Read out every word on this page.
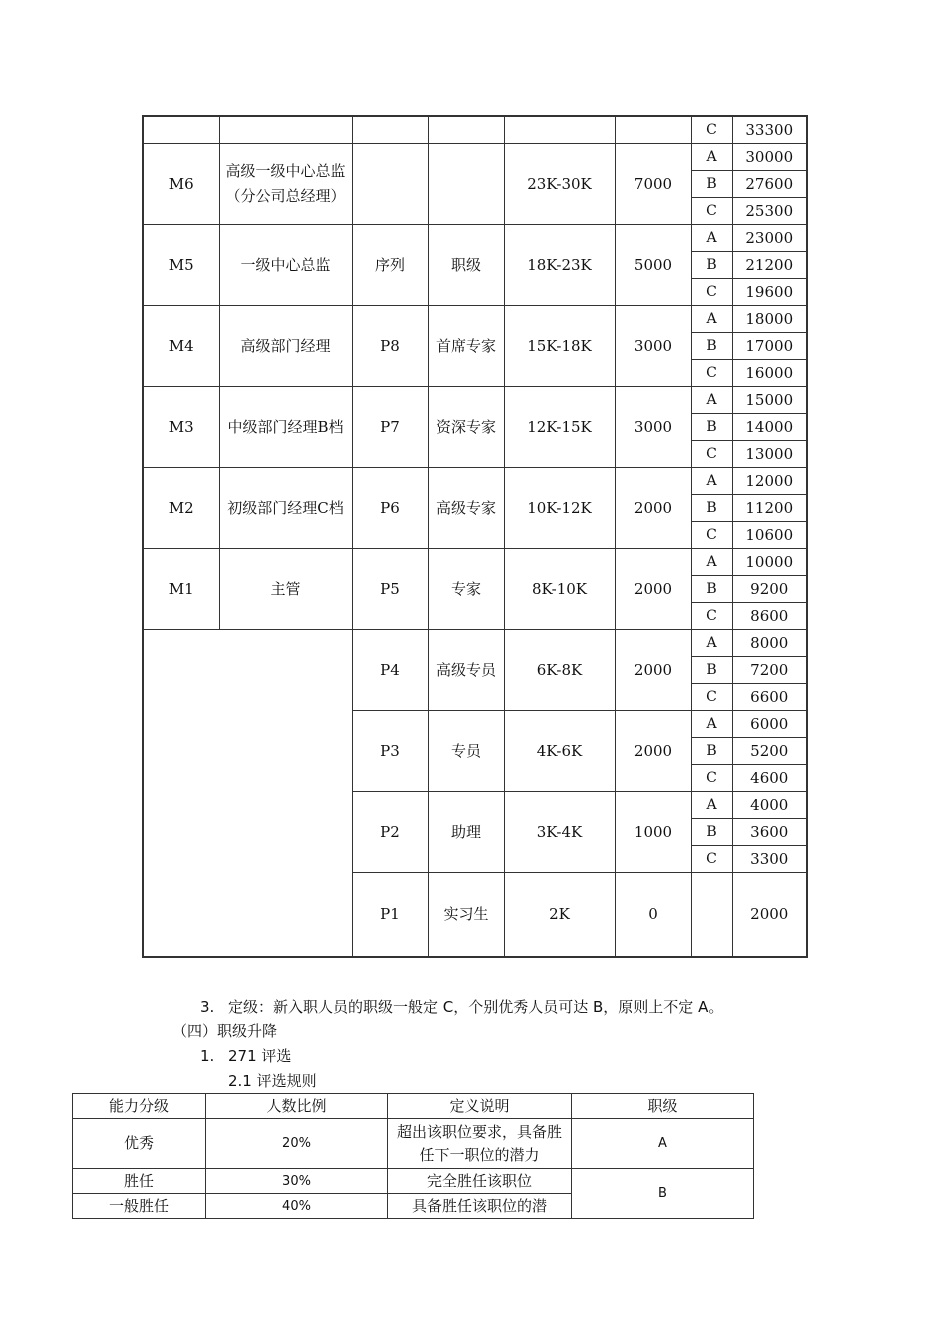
						C	33300
M6	高级一级中心总监（分公司总经理）			23K-30K	7000	A	30000
						B	27600
						C	25300
M5	一级中心总监	序列	职级	18K-23K	5000	A	23000
						B	21200
						C	19600
M4	高级部门经理	P8	首席专家	15K-18K	3000	A	18000
						B	17000
						C	16000
M3	中级部门经理B档	P7	资深专家	12K-15K	3000	A	15000
						B	14000
						C	13000
M2	初级部门经理C档	P6	高级专家	10K-12K	2000	A	12000
						B	11200
						C	10600
M1	主管	P5	专家	8K-10K	2000	A	10000
						B	9200
						C	8600
		P4	高级专员	6K-8K	2000	A	8000
						B	7200
						C	6600
		P3	专员	4K-6K	2000	A	6000
						B	5200
						C	4600
		P2	助理	3K-4K	1000	A	4000
						B	3600
						C	3300
		P1	实习生	2K	0		2000
3. 定级：新入职人员的职级一般定 C，个别优秀人员可达 B，原则上不定 A。
（四）职级升降
1. 271 评选
2.1 评选规则
能力分级	人数比例	定义说明	职级
优秀	20%	超出该职位要求，具备胜任下一职位的潜力	A
胜任	30%	完全胜任该职位	B
一般胜任	40%	具备胜任该职位的潜	
